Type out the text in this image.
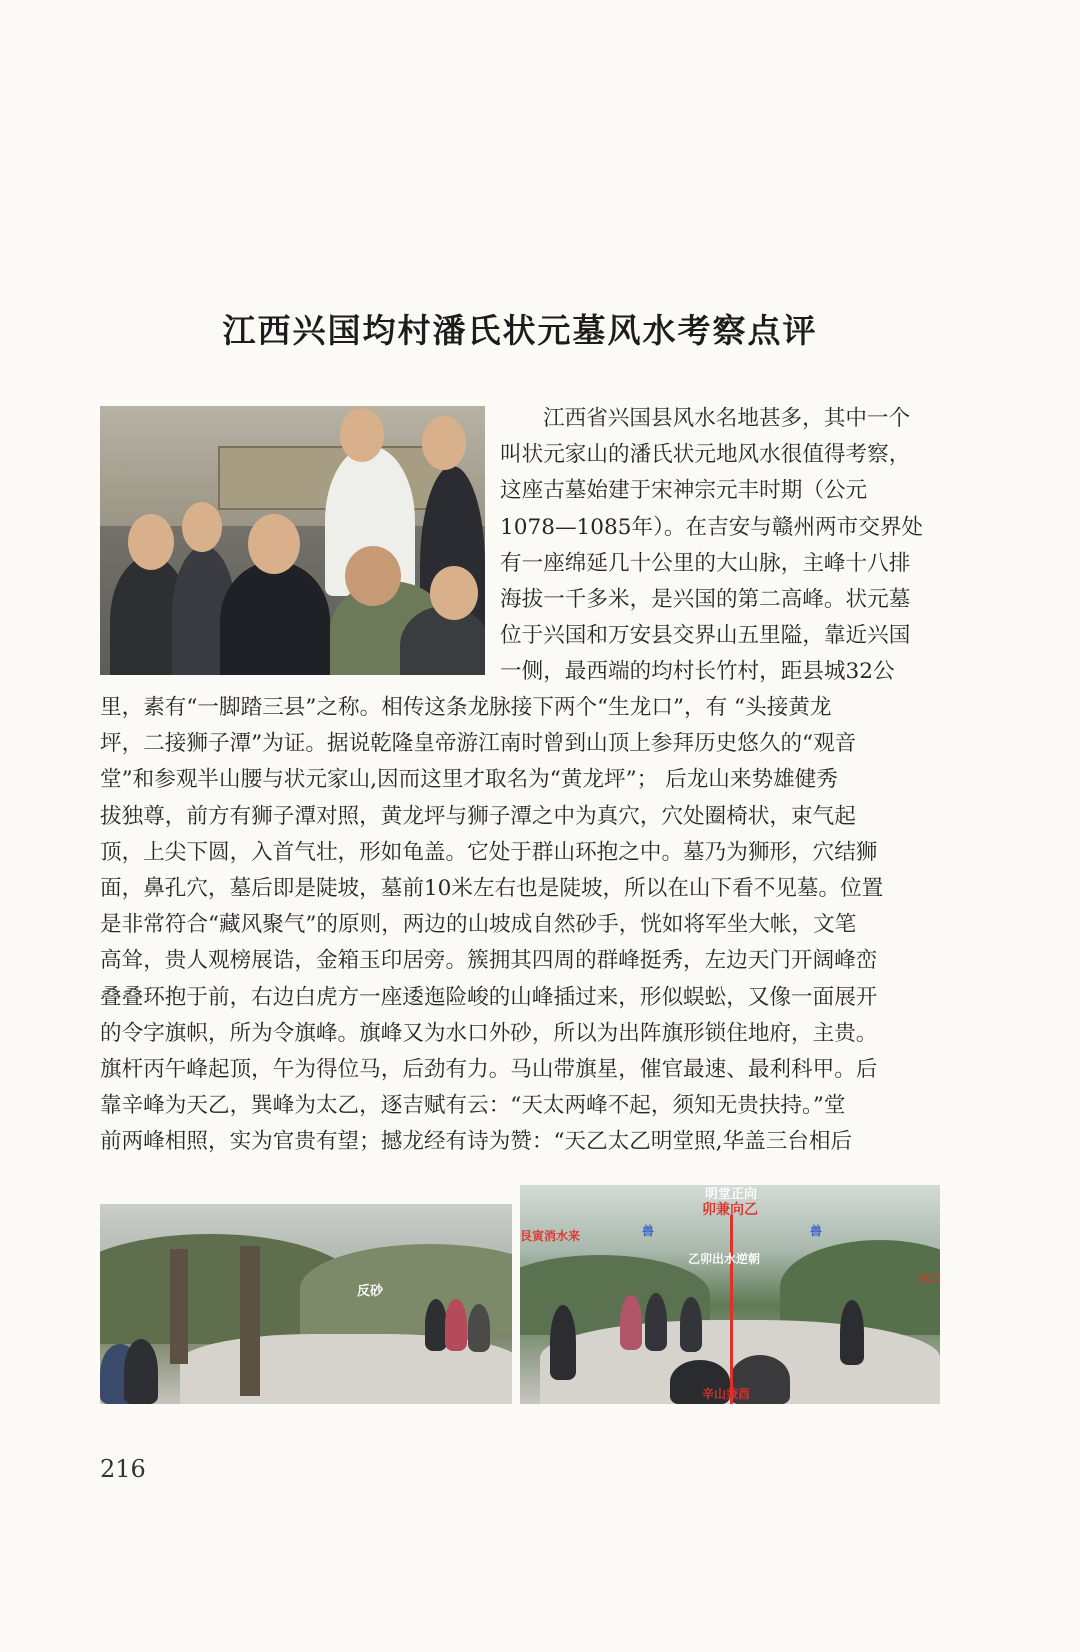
江西兴国均村潘氏状元墓风水考察点评
江西省兴国县风水名地甚多，其中一个
叫状元家山的潘氏状元地风水很值得考察，
这座古墓始建于宋神宗元丰时期（公元
1078—1085年）。在吉安与赣州两市交界处
有一座绵延几十公里的大山脉，主峰十八排
海拔一千多米，是兴国的第二高峰。状元墓
位于兴国和万安县交界山五里隘，靠近兴国
一侧，最西端的均村长竹村，距县城32公
里，素有“一脚踏三县”之称。相传这条龙脉接下两个“生龙口”，有 “头接黄龙
坪，二接狮子潭”为证。据说乾隆皇帝游江南时曾到山顶上参拜历史悠久的“观音
堂”和参观半山腰与状元家山,因而这里才取名为“黄龙坪”； 后龙山来势雄健秀
拔独尊，前方有狮子潭对照，黄龙坪与狮子潭之中为真穴，穴处圈椅状，束气起
顶，上尖下圆，入首气壮，形如龟盖。它处于群山环抱之中。墓乃为狮形，穴结狮
面，鼻孔穴，墓后即是陡坡，墓前10米左右也是陡坡，所以在山下看不见墓。位置
是非常符合“藏风聚气”的原则，两边的山坡成自然砂手，恍如将军坐大帐，文笔
高耸，贵人观榜展诰，金箱玉印居旁。簇拥其四周的群峰挺秀，左边天门开阔峰峦
叠叠环抱于前，右边白虎方一座逶迤险峻的山峰插过来，形似蜈蚣，又像一面展开
的令字旗帜，所为令旗峰。旗峰又为水口外砂，所以为出阵旗形锁住地府，主贵。
旗杆丙午峰起顶，午为得位马，后劲有力。马山带旗星，催官最速、最利科甲。后
靠辛峰为天乙，巽峰为太乙，逐吉赋有云：“天太两峰不起，须知无贵扶持。”堂
前两峰相照，实为官贵有望；撼龙经有诗为赞：“天乙太乙明堂照,华盖三台相后
反砂
明堂正向
卯兼向乙
艮寅消水来
乙卯出水逆朝
水口
辛山兼酉
兽	兽
216
